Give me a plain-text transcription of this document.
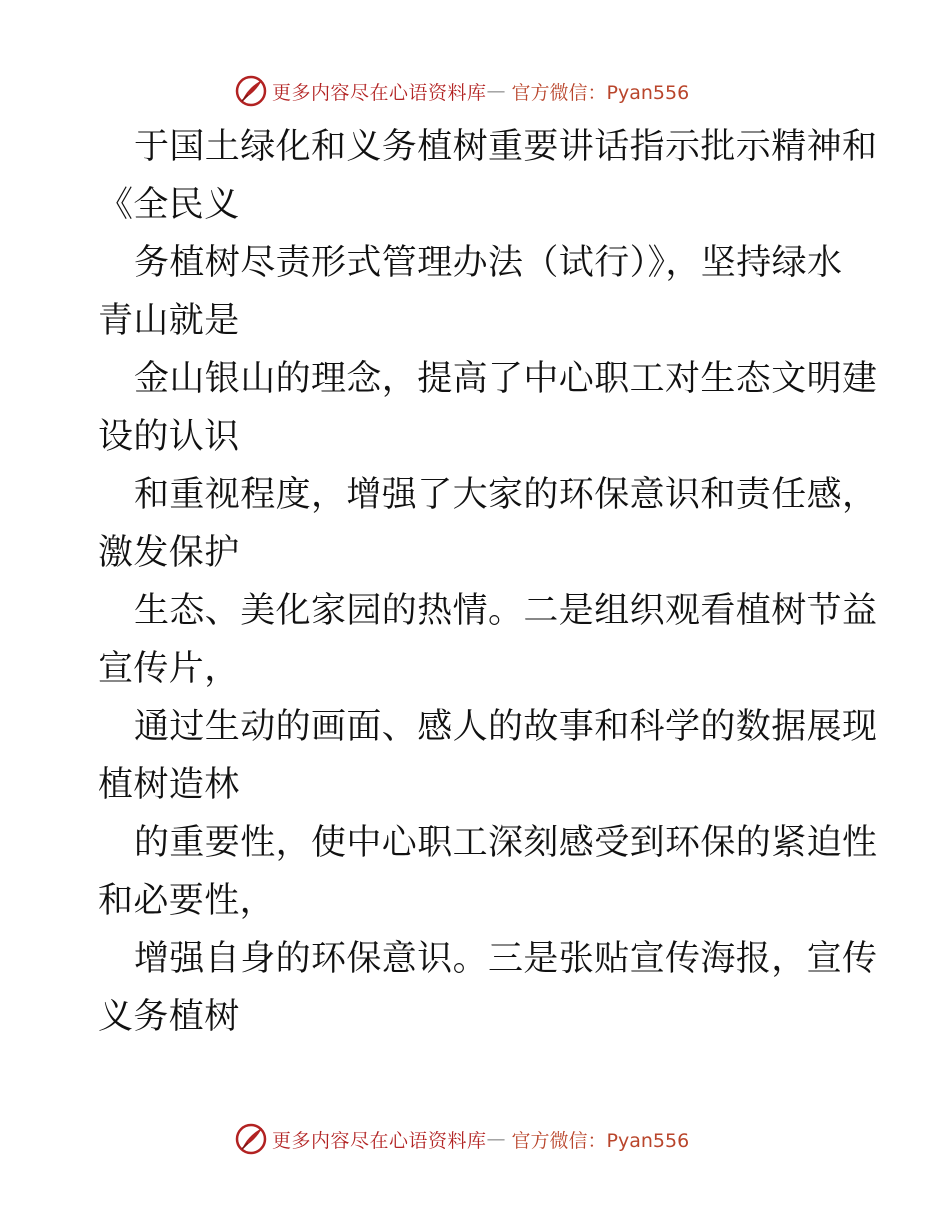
更多内容尽在心语资料库 — 官方微信：Pyan556
于国土绿化和义务植树重要讲话指示批示精神和
《全民义
务植树尽责形式管理办法（试行）》，坚持绿水
青山就是
金山银山的理念，提高了中心职工对生态文明建
设的认识
和重视程度，增强了大家的环保意识和责任感，
激发保护
生态、美化家园的热情。二是组织观看植树节益
宣传片，
通过生动的画面、感人的故事和科学的数据展现
植树造林
的重要性，使中心职工深刻感受到环保的紧迫性
和必要性，
增强自身的环保意识。三是张贴宣传海报，宣传
义务植树
更多内容尽在心语资料库 — 官方微信：Pyan556
